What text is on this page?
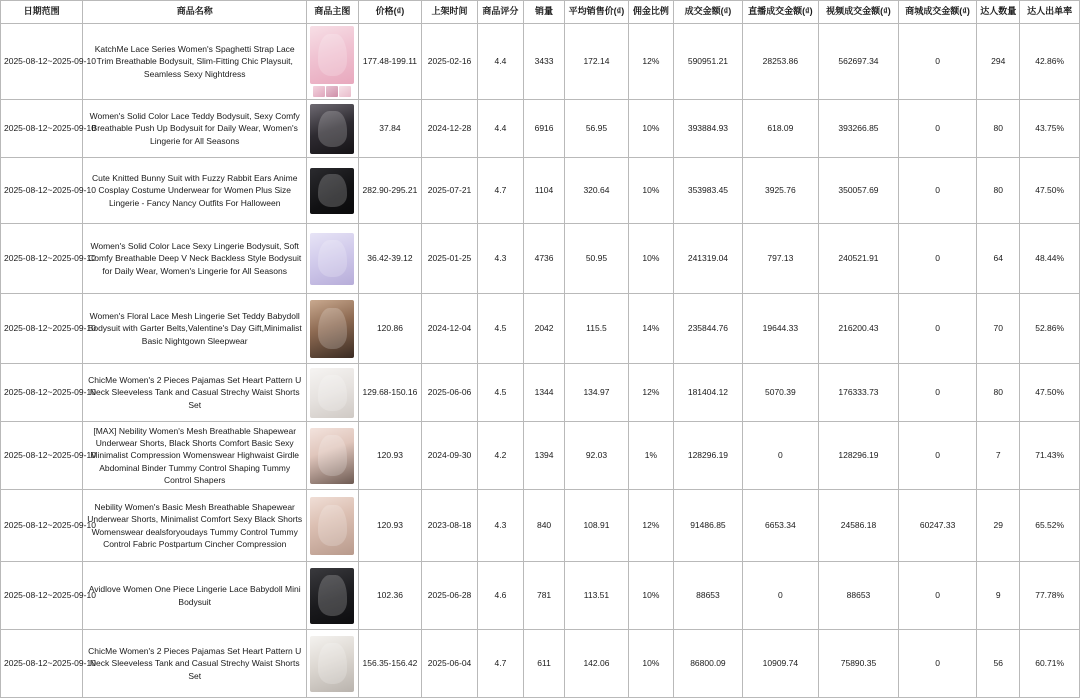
日期范围	商品名称	商品主图	价格(₫)	上架时间	商品评分	销量	平均销售价(₫)	佣金比例	成交金额(₫)	直播成交金额(₫)	视频成交金额(₫)	商城成交金额(₫)	达人数量	达人出单率
2025-08-12~2025-09-10	KatchMe Lace Series Women's Spaghetti Strap Lace Trim Breathable Bodysuit, Slim-Fitting Chic Playsuit, Seamless Sexy Nightdress		177.48-199.11	2025-02-16	4.4	3433	172.14	12%	590951.21	28253.86	562697.34	0	294	42.86%
2025-08-12~2025-09-10	Women's Solid Color Lace Teddy Bodysuit, Sexy Comfy Breathable Push Up Bodysuit for Daily Wear, Women's Lingerie for All Seasons		37.84	2024-12-28	4.4	6916	56.95	10%	393884.93	618.09	393266.85	0	80	43.75%
2025-08-12~2025-09-10	Cute Knitted Bunny Suit with Fuzzy Rabbit Ears Anime Cosplay Costume Underwear for Women Plus Size Lingerie - Fancy Nancy Outfits For Halloween		282.90-295.21	2025-07-21	4.7	1104	320.64	10%	353983.45	3925.76	350057.69	0	80	47.50%
2025-08-12~2025-09-10	Women's Solid Color Lace Sexy Lingerie Bodysuit, Soft Comfy Breathable Deep V Neck Backless Style Bodysuit for Daily Wear, Women's Lingerie for All Seasons		36.42-39.12	2025-01-25	4.3	4736	50.95	10%	241319.04	797.13	240521.91	0	64	48.44%
2025-08-12~2025-09-10	Women's Floral Lace Mesh Lingerie Set Teddy Babydoll Bodysuit with Garter Belts,Valentine's Day Gift,Minimalist Basic Nightgown Sleepwear		120.86	2024-12-04	4.5	2042	115.5	14%	235844.76	19644.33	216200.43	0	70	52.86%
2025-08-12~2025-09-10	ChicMe Women's 2 Pieces Pajamas Set Heart Pattern U Neck Sleeveless Tank and Casual Strechy Waist Shorts Set		129.68-150.16	2025-06-06	4.5	1344	134.97	12%	181404.12	5070.39	176333.73	0	80	47.50%
2025-08-12~2025-09-10	[MAX] Nebility Women's Mesh Breathable Shapewear Underwear Shorts, Black Shorts Comfort Basic Sexy Minimalist Compression Womenswear Highwaist Girdle Abdominal Binder Tummy Control Shaping Tummy Control Shapers		120.93	2024-09-30	4.2	1394	92.03	1%	128296.19	0	128296.19	0	7	71.43%
2025-08-12~2025-09-10	Nebility Women's Basic Mesh Breathable Shapewear Underwear Shorts, Minimalist Comfort Sexy Black Shorts Womenswear dealsforyoudays Tummy Control Tummy Control Fabric Postpartum Cincher Compression		120.93	2023-08-18	4.3	840	108.91	12%	91486.85	6653.34	24586.18	60247.33	29	65.52%
2025-08-12~2025-09-10	Avidlove Women One Piece Lingerie Lace Babydoll Mini Bodysuit		102.36	2025-06-28	4.6	781	113.51	10%	88653	0	88653	0	9	77.78%
2025-08-12~2025-09-10	ChicMe Women's 2 Pieces Pajamas Set Heart Pattern U Neck Sleeveless Tank and Casual Strechy Waist Shorts Set		156.35-156.42	2025-06-04	4.7	611	142.06	10%	86800.09	10909.74	75890.35	0	56	60.71%
